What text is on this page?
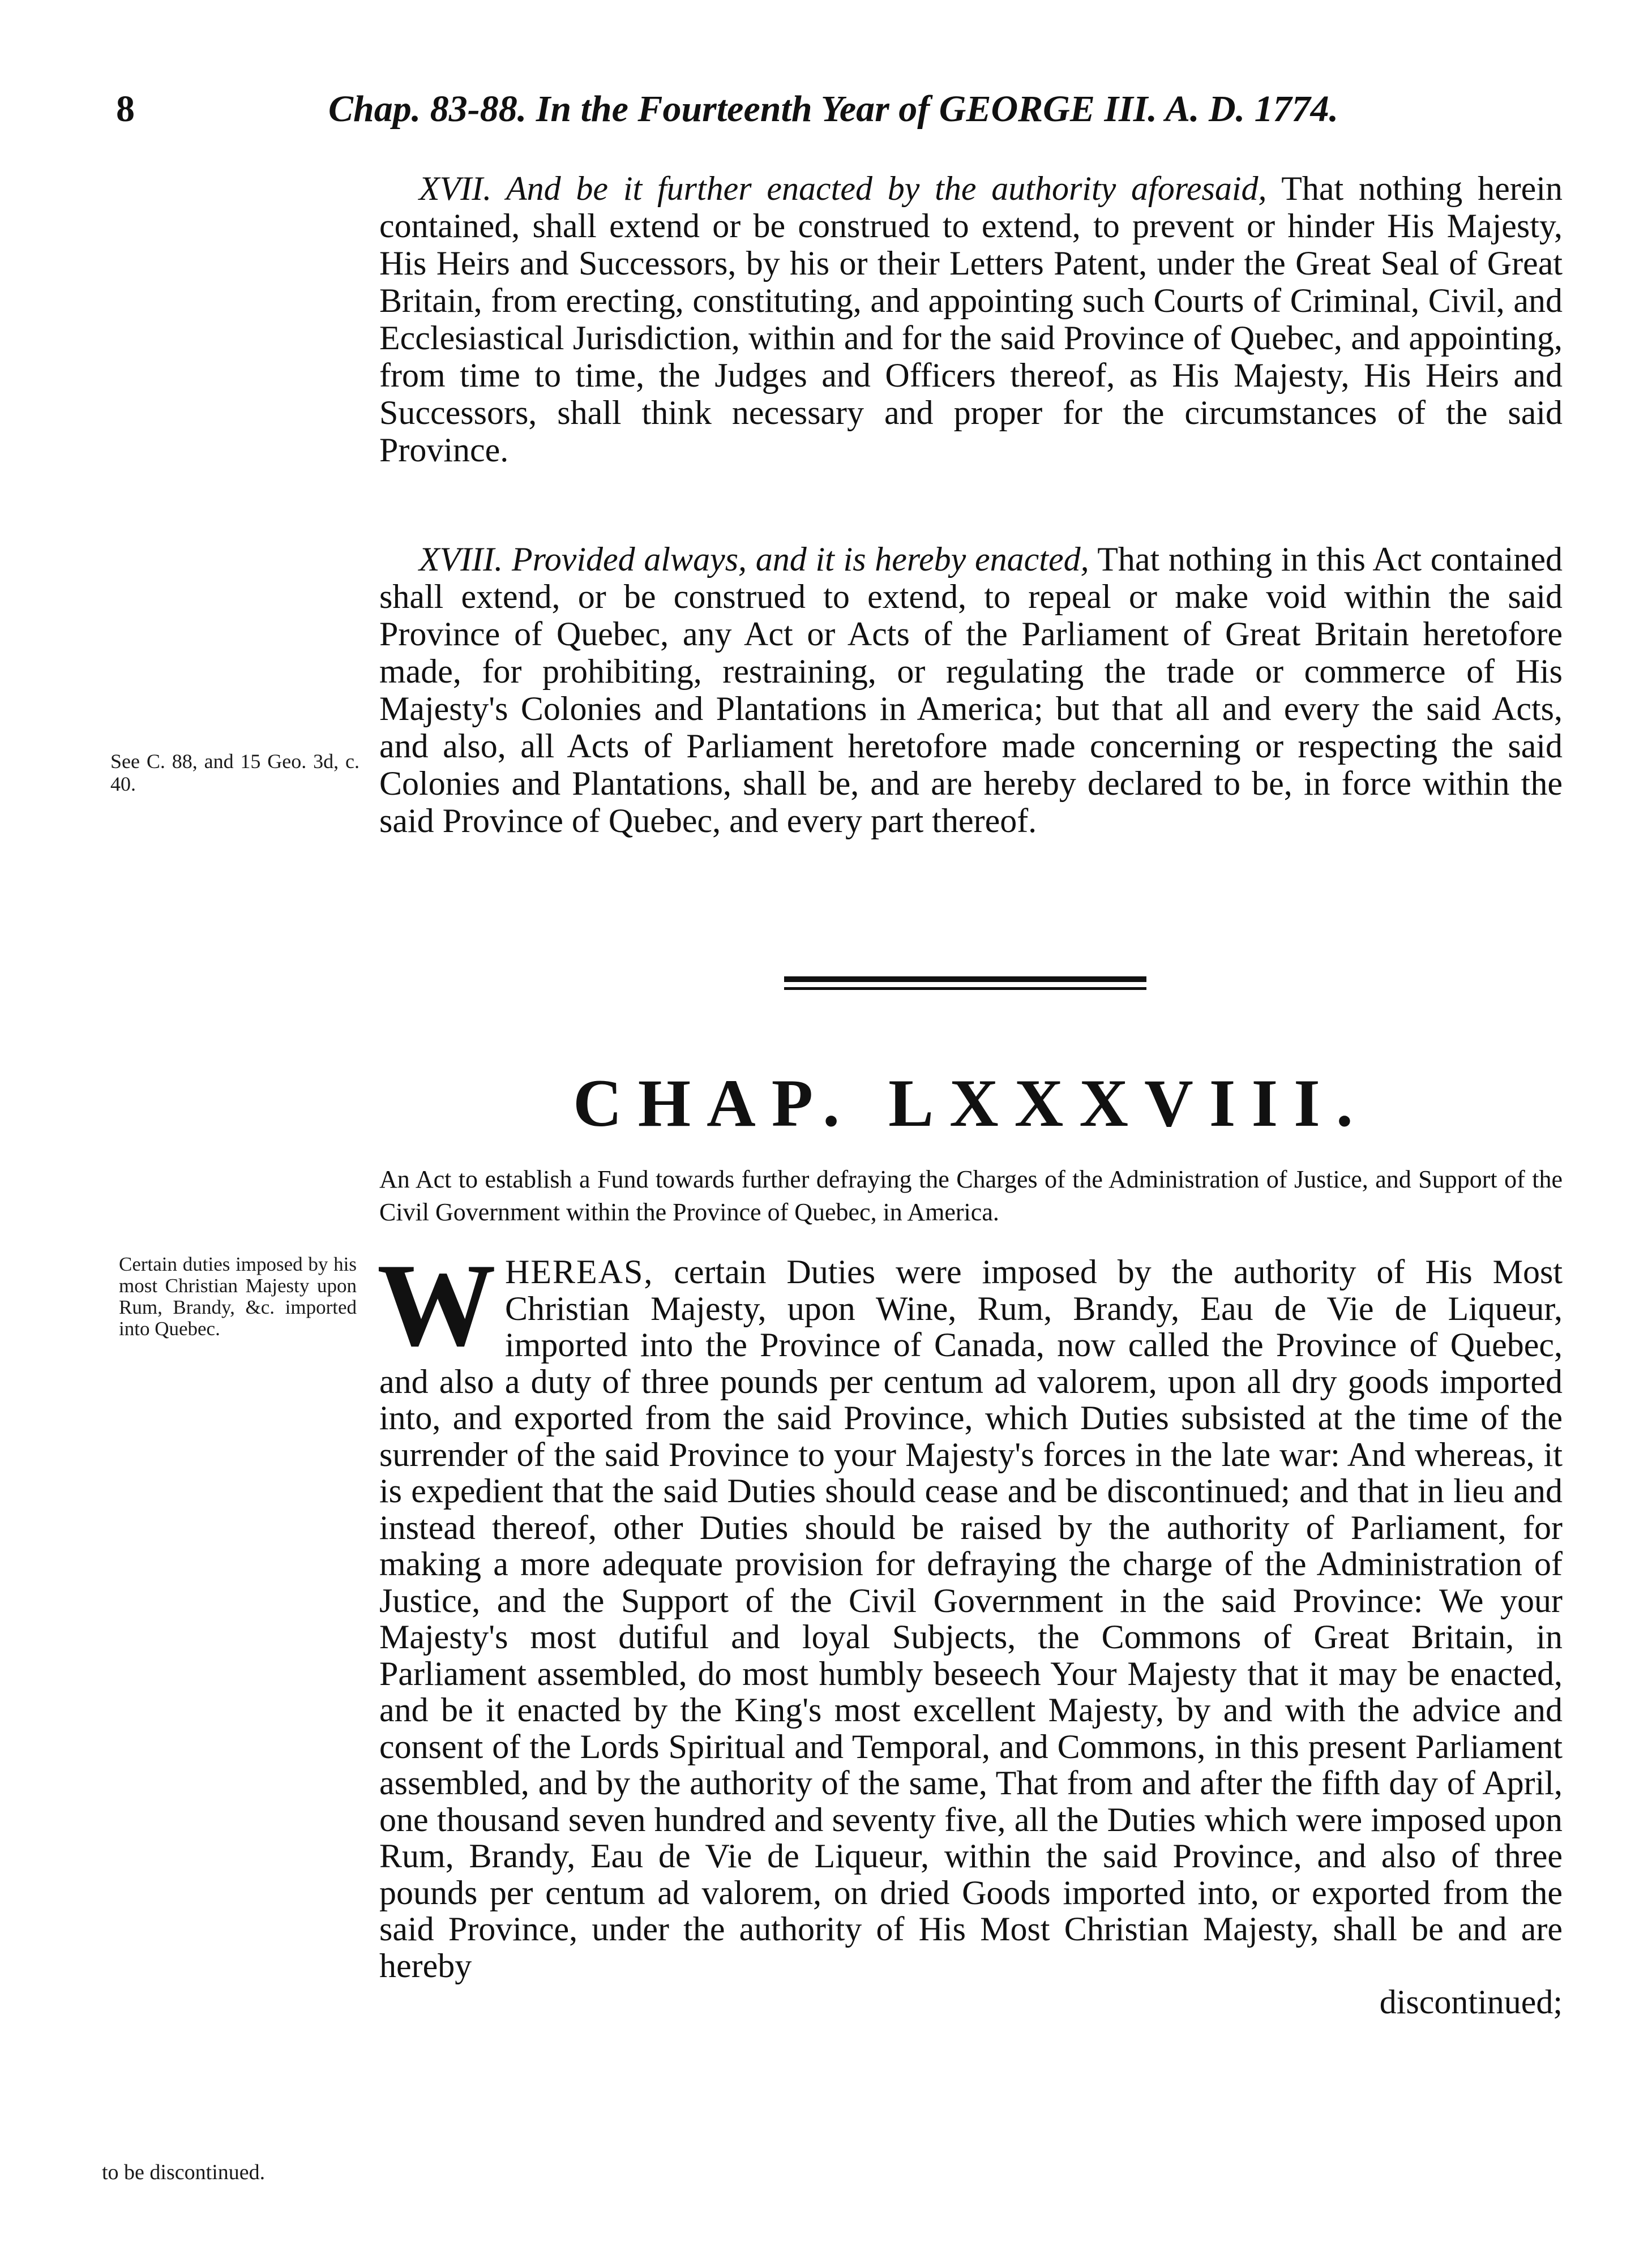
8	Chap. 83-88. In the Fourteenth Year of GEORGE III. A. D. 1774.

XVII. And be it further enacted by the authority aforesaid, That nothing herein contained, shall extend or be construed to extend, to prevent or hinder His Majesty, His Heirs and Successors, by his or their Letters Patent, under the Great Seal of Great Britain, from erecting, constituting, and appointing such Courts of Criminal, Civil, and Ecclesiastical Jurisdiction, within and for the said Province of Quebec, and appointing, from time to time, the Judges and Officers thereof, as His Majesty, His Heirs and Successors, shall think necessary and proper for the circumstances of the said Province.

XVIII. Provided always, and it is hereby enacted, That nothing in this Act contained shall extend, or be construed to extend, to repeal or make void within the said Province of Quebec, any Act or Acts of the Parliament of Great Britain heretofore made, for prohibiting, restraining, or regulating the trade or commerce of His Majesty's Colonies and Plantations in America; but that all and every the said Acts, and also, all Acts of Parliament heretofore made concerning or respecting the said Colonies and Plantations, shall be, and are hereby declared to be, in force within the said Province of Quebec, and every part thereof.

See C. 88, and 15 Geo. 3d, c. 40.
CHAP. LXXXVIII.
An Act to establish a Fund towards further defraying the Charges of the Administration of Justice, and Support of the Civil Government within the Province of Quebec, in America.
Certain duties imposed by his most Christian Majesty upon Rum, Brandy, &c. imported into Quebec.	WHEREAS, certain Duties were imposed by the authority of His Most Christian Majesty, upon Wine, Rum, Brandy, Eau de Vie de Liqueur, imported into the Province of Canada, now called the Province of Quebec, and also a duty of three pounds per centum ad valorem, upon all dry goods imported into, and exported from the said Province, which Duties subsisted at the time of the surrender of the said Province to your Majesty's forces in the late war: And whereas, it is expedient that the said Duties should cease and be discontinued; and that in lieu and instead thereof, other Duties should be raised by the authority of Parliament, for making a more adequate provision for defraying the charge of the Administration of Justice, and the Support of the Civil Government in the said Province: We your Majesty's most dutiful and loyal Subjects, the Commons of Great Britain, in Parliament assembled, do most humbly beseech Your Majesty that it may be enacted, and be it enacted by the King's most excellent Majesty, by and with the advice and consent of the Lords Spiritual and Temporal, and Commons, in this present Parliament assembled, and by the authority of the same, That from and after the fifth day of April, one thousand seven hundred and seventy five, all the Duties which were imposed upon Rum, Brandy, Eau de Vie de Liqueur, within the said Province, and also of three pounds per centum ad valorem, on dried Goods imported into, or exported from the said Province, under the authority of His Most Christian Majesty, shall be and are hereby

discontinued;

to be discontinued.
